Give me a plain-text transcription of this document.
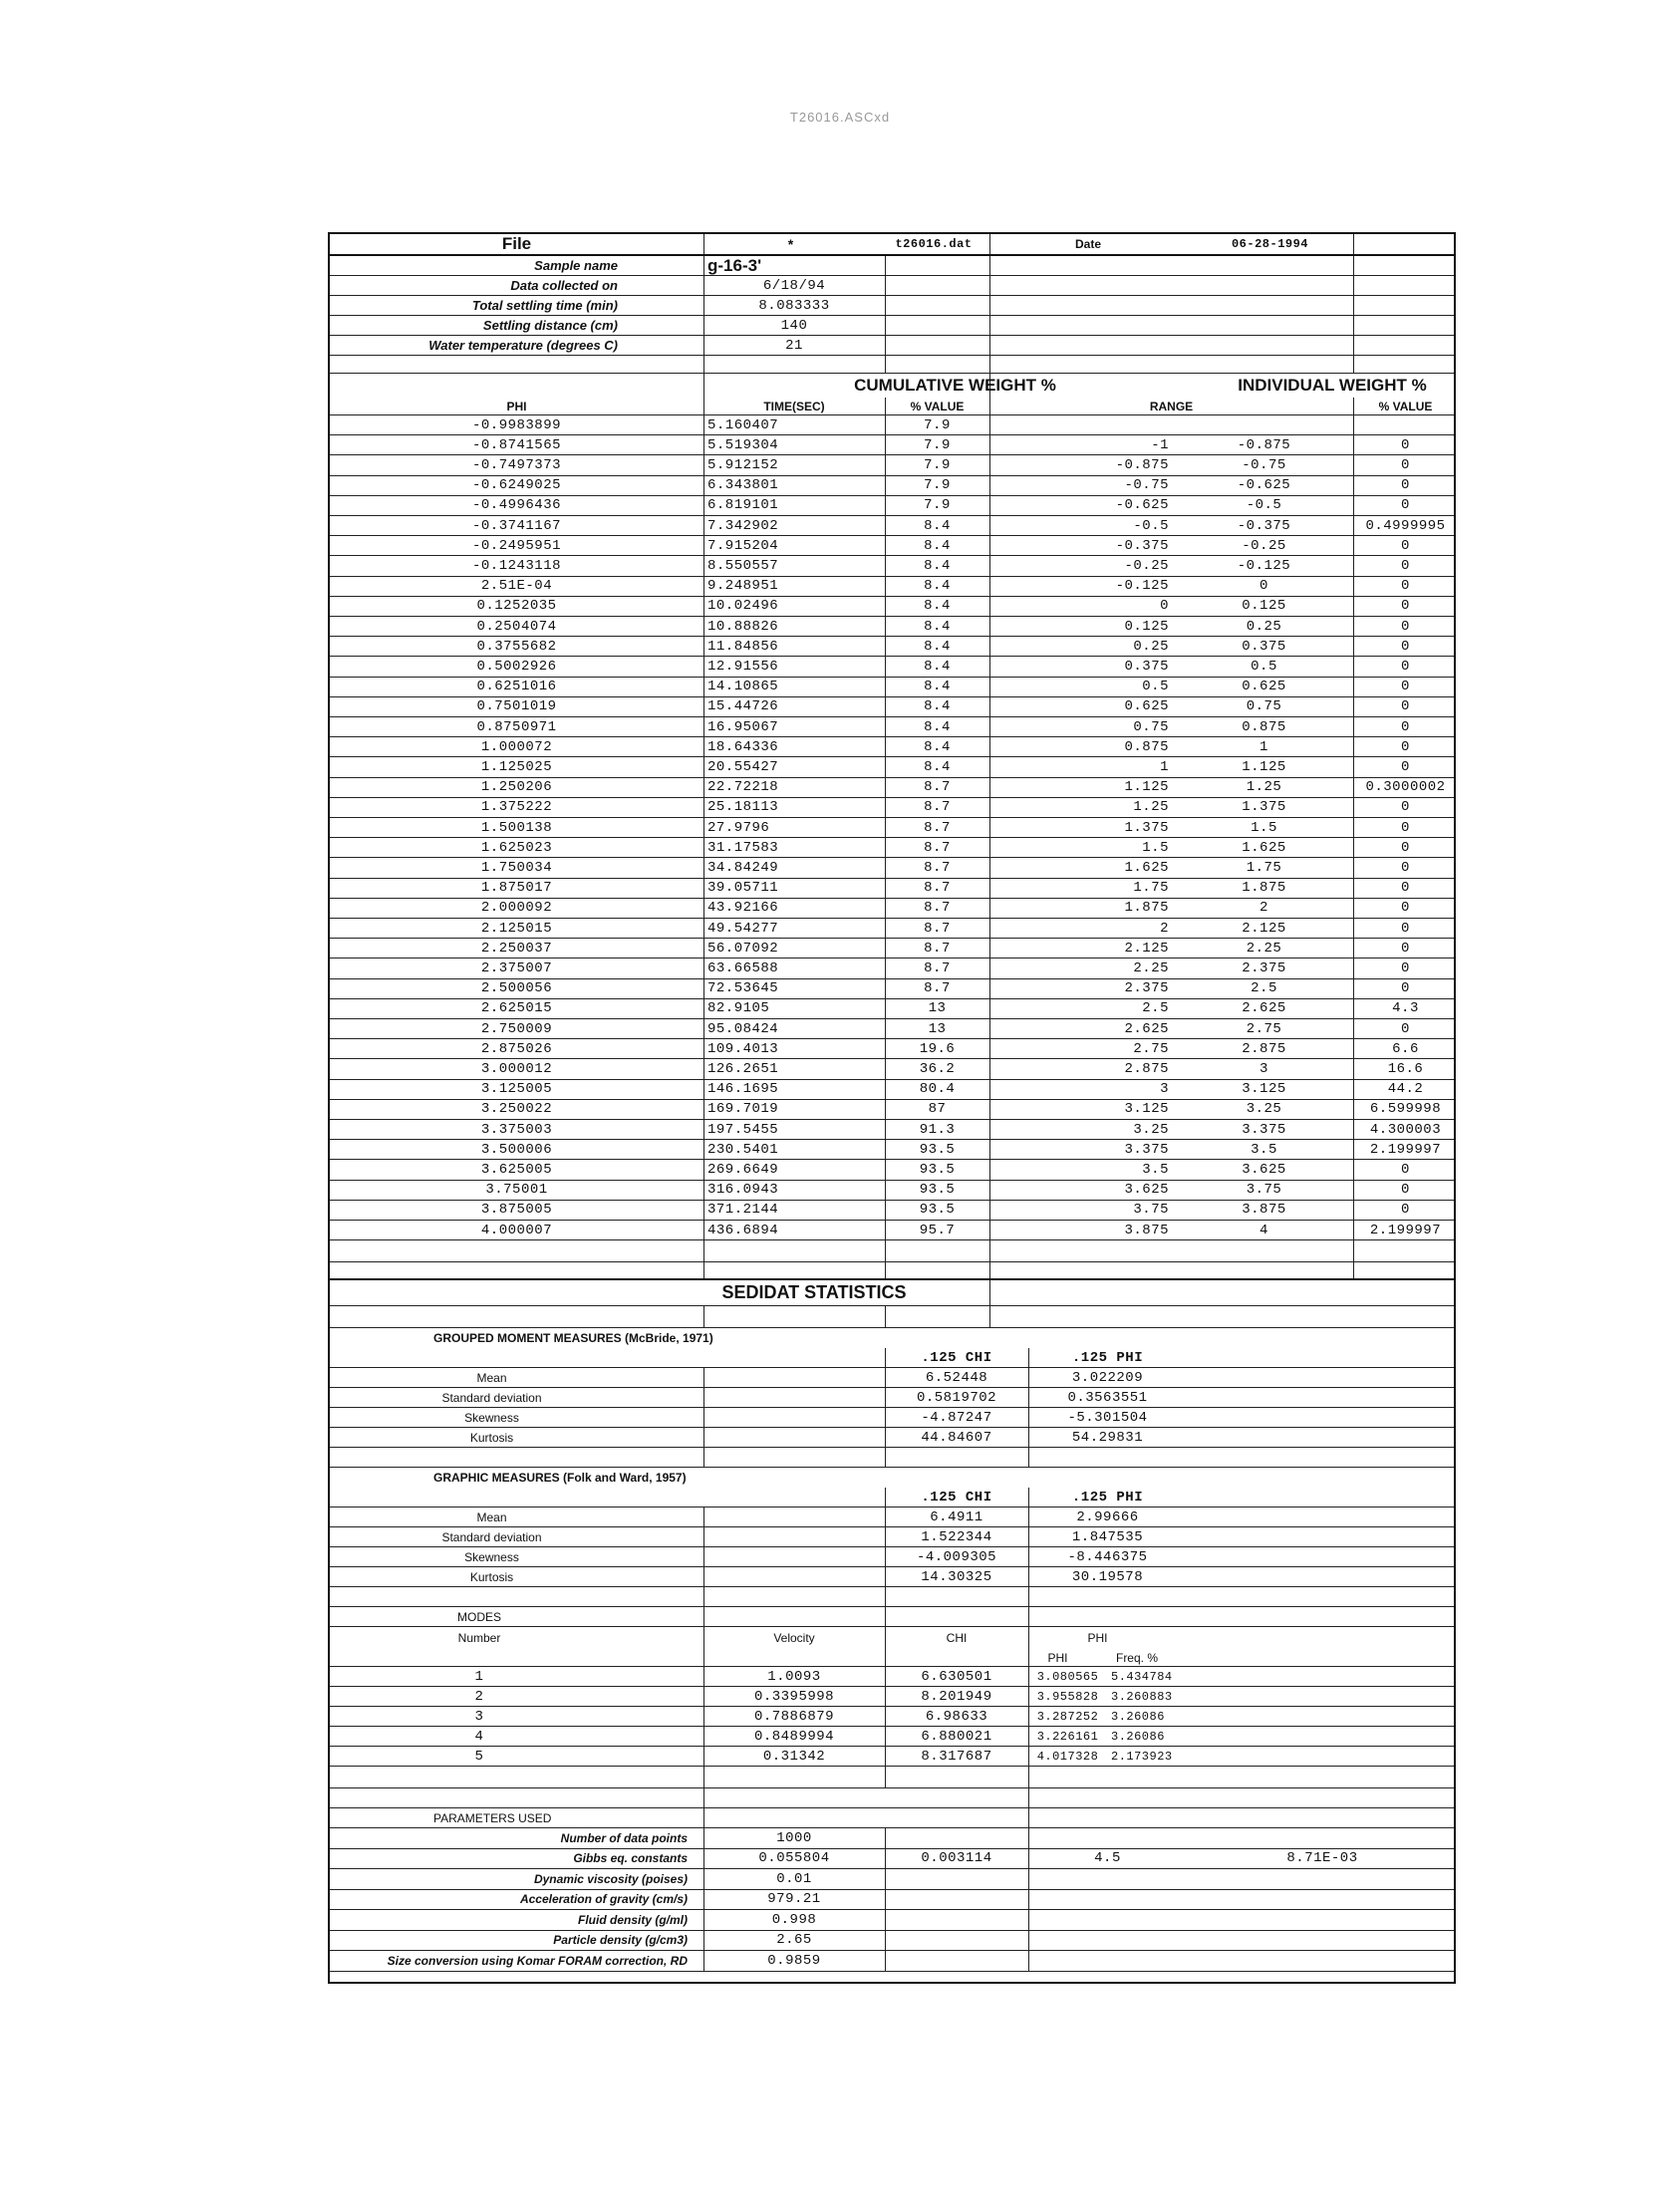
T26016.ASCxd
File	*	t26016.dat	Date	06-28-1994
Sample name	g-16-3'
Data collected on	6/18/94
Total settling time (min)	8.083333
Settling distance (cm)	140
Water temperature (degrees C)	21
CUMULATIVE WEIGHT %	INDIVIDUAL WEIGHT %
PHI	TIME(SEC)	% VALUE	RANGE	% VALUE
-0.9983899	5.160407	7.9
-0.8741565	5.519304	7.9	-1	-0.875	0
-0.7497373	5.912152	7.9	-0.875	-0.75	0
-0.6249025	6.343801	7.9	-0.75	-0.625	0
-0.4996436	6.819101	7.9	-0.625	-0.5	0
-0.3741167	7.342902	8.4	-0.5	-0.375	0.4999995
-0.2495951	7.915204	8.4	-0.375	-0.25	0
-0.1243118	8.550557	8.4	-0.25	-0.125	0
2.51E-04	9.248951	8.4	-0.125	0	0
0.1252035	10.02496	8.4	0	0.125	0
0.2504074	10.88826	8.4	0.125	0.25	0
0.3755682	11.84856	8.4	0.25	0.375	0
0.5002926	12.91556	8.4	0.375	0.5	0
0.6251016	14.10865	8.4	0.5	0.625	0
0.7501019	15.44726	8.4	0.625	0.75	0
0.8750971	16.95067	8.4	0.75	0.875	0
1.000072	18.64336	8.4	0.875	1	0
1.125025	20.55427	8.4	1	1.125	0
1.250206	22.72218	8.7	1.125	1.25	0.3000002
1.375222	25.18113	8.7	1.25	1.375	0
1.500138	27.9796	8.7	1.375	1.5	0
1.625023	31.17583	8.7	1.5	1.625	0
1.750034	34.84249	8.7	1.625	1.75	0
1.875017	39.05711	8.7	1.75	1.875	0
2.000092	43.92166	8.7	1.875	2	0
2.125015	49.54277	8.7	2	2.125	0
2.250037	56.07092	8.7	2.125	2.25	0
2.375007	63.66588	8.7	2.25	2.375	0
2.500056	72.53645	8.7	2.375	2.5	0
2.625015	82.9105	13	2.5	2.625	4.3
2.750009	95.08424	13	2.625	2.75	0
2.875026	109.4013	19.6	2.75	2.875	6.6
3.000012	126.2651	36.2	2.875	3	16.6
3.125005	146.1695	80.4	3	3.125	44.2
3.250022	169.7019	87	3.125	3.25	6.599998
3.375003	197.5455	91.3	3.25	3.375	4.300003
3.500006	230.5401	93.5	3.375	3.5	2.199997
3.625005	269.6649	93.5	3.5	3.625	0
3.75001	316.0943	93.5	3.625	3.75	0
3.875005	371.2144	93.5	3.75	3.875	0
4.000007	436.6894	95.7	3.875	4	2.199997
SEDIDAT STATISTICS
GROUPED MOMENT MEASURES (McBride, 1971)
.125 CHI	.125 PHI
Mean	6.52448	3.022209
Standard deviation	0.5819702	0.3563551
Skewness	-4.87247	-5.301504
Kurtosis	44.84607	54.29831
GRAPHIC MEASURES (Folk and Ward, 1957)
.125 CHI	.125 PHI
Mean	6.4911	2.99666
Standard deviation	1.522344	1.847535
Skewness	-4.009305	-8.446375
Kurtosis	14.30325	30.19578
MODES
Number	Velocity	CHI	PHI
PHI	Freq. %
1	1.0093	6.630501	3.080565	5.434784
2	0.3395998	8.201949	3.955828	3.260883
3	0.7886879	6.98633	3.287252	3.26086
4	0.8489994	6.880021	3.226161	3.26086
5	0.31342	8.317687	4.017328	2.173923
PARAMETERS USED
Number of data points	1000
Gibbs eq. constants	0.055804	0.003114	4.5	8.71E-03
Dynamic viscosity (poises)	0.01
Acceleration of gravity (cm/s)	979.21
Fluid density (g/ml)	0.998
Particle density (g/cm3)	2.65
Size conversion using Komar FORAM correction, RD	0.9859
